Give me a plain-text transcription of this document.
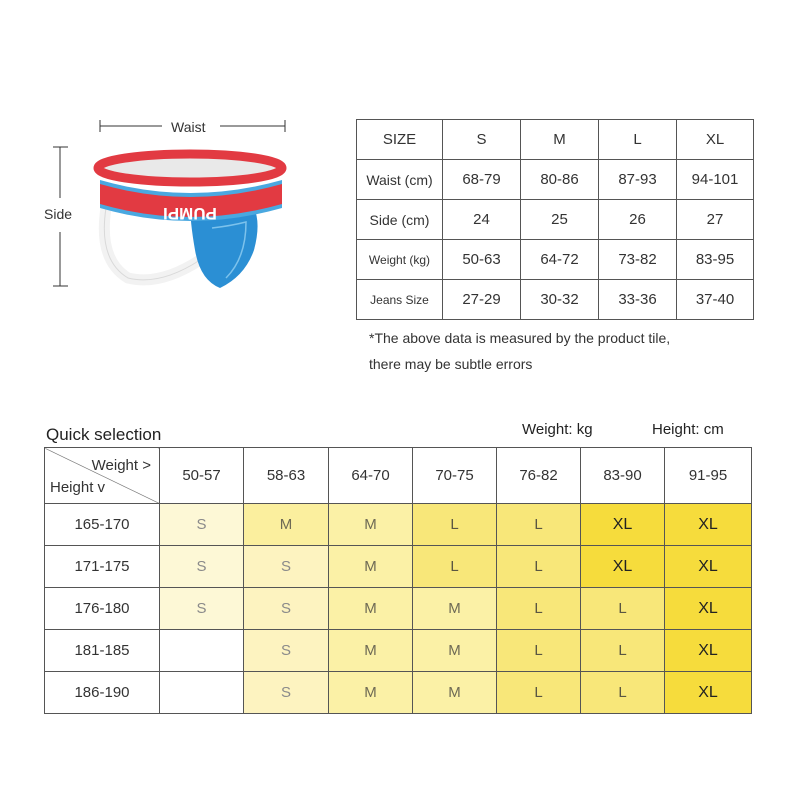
PUMPI
Waist
Side
SIZE	S	M	L	XL
Waist (cm)	68-79	80-86	87-93	94-101
Side (cm)	24	25	26	27
Weight (kg)	50-63	64-72	73-82	83-95
Jeans Size	27-29	30-32	33-36	37-40
*The above data is measured by the product tile,
there may be subtle errors
Quick selection	Weight: kg	Height: cm
Weight >
Height v	50-57	58-63	64-70	70-75	76-82	83-90	91-95
165-170	S	M	M	L	L	XL	XL
171-175	S	S	M	L	L	XL	XL
176-180	S	S	M	M	L	L	XL
181-185		S	M	M	L	L	XL
186-190		S	M	M	L	L	XL
